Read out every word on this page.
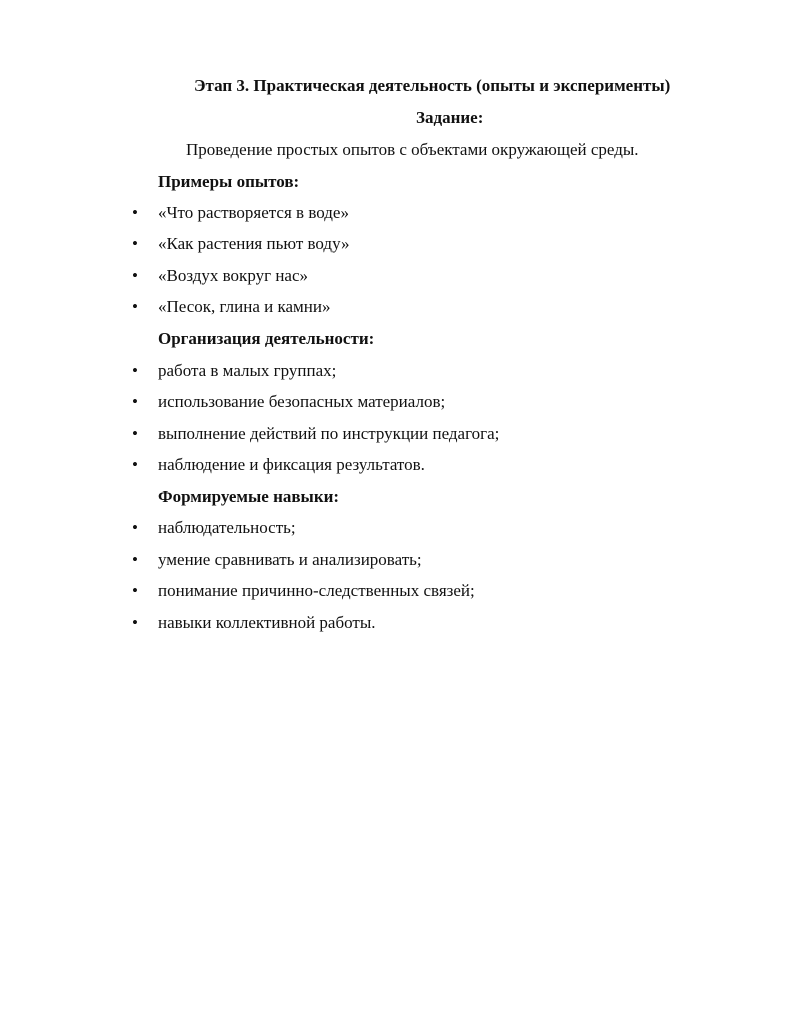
Этап 3. Практическая деятельность (опыты и эксперименты)
Задание:
Проведение простых опытов с объектами окружающей среды.
Примеры опытов:
• «Что растворяется в воде»
• «Как растения пьют воду»
• «Воздух вокруг нас»
• «Песок, глина и камни»
Организация деятельности:
• работа в малых группах;
• использование безопасных материалов;
• выполнение действий по инструкции педагога;
• наблюдение и фиксация результатов.
Формируемые навыки:
• наблюдательность;
• умение сравнивать и анализировать;
• понимание причинно-следственных связей;
• навыки коллективной работы.
